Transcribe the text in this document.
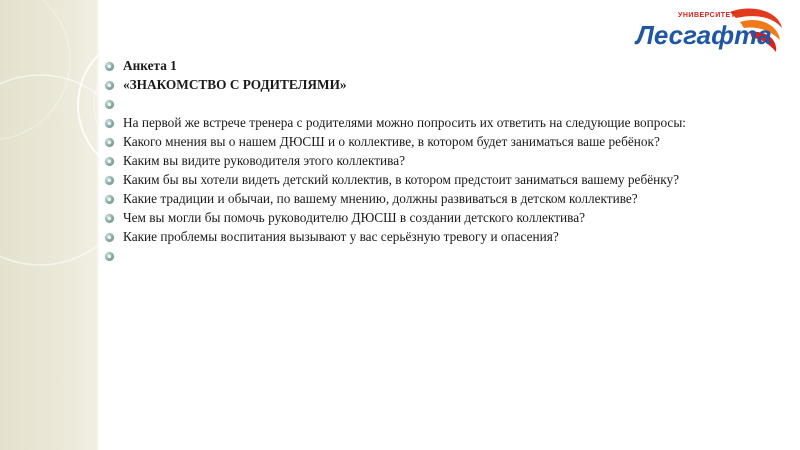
УНИВЕРСИТЕТ
Лесгафта
Анкета 1
«ЗНАКОМСТВО С РОДИТЕЛЯМИ»
На первой же встрече тренера с родителями можно попросить их ответить на следующие вопросы:
Какого мнения вы о нашем ДЮСШ и о коллективе, в котором будет заниматься ваше ребёнок?
Каким вы видите руководителя этого коллектива?
Каким бы вы хотели видеть детский коллектив, в котором предстоит заниматься вашему ребёнку?
Какие традиции и обычаи, по вашему мнению, должны развиваться в детском коллективе?
Чем вы могли бы помочь руководителю ДЮСШ в создании детского коллектива?
Какие проблемы воспитания вызывают у вас серьёзную тревогу и опасения?
